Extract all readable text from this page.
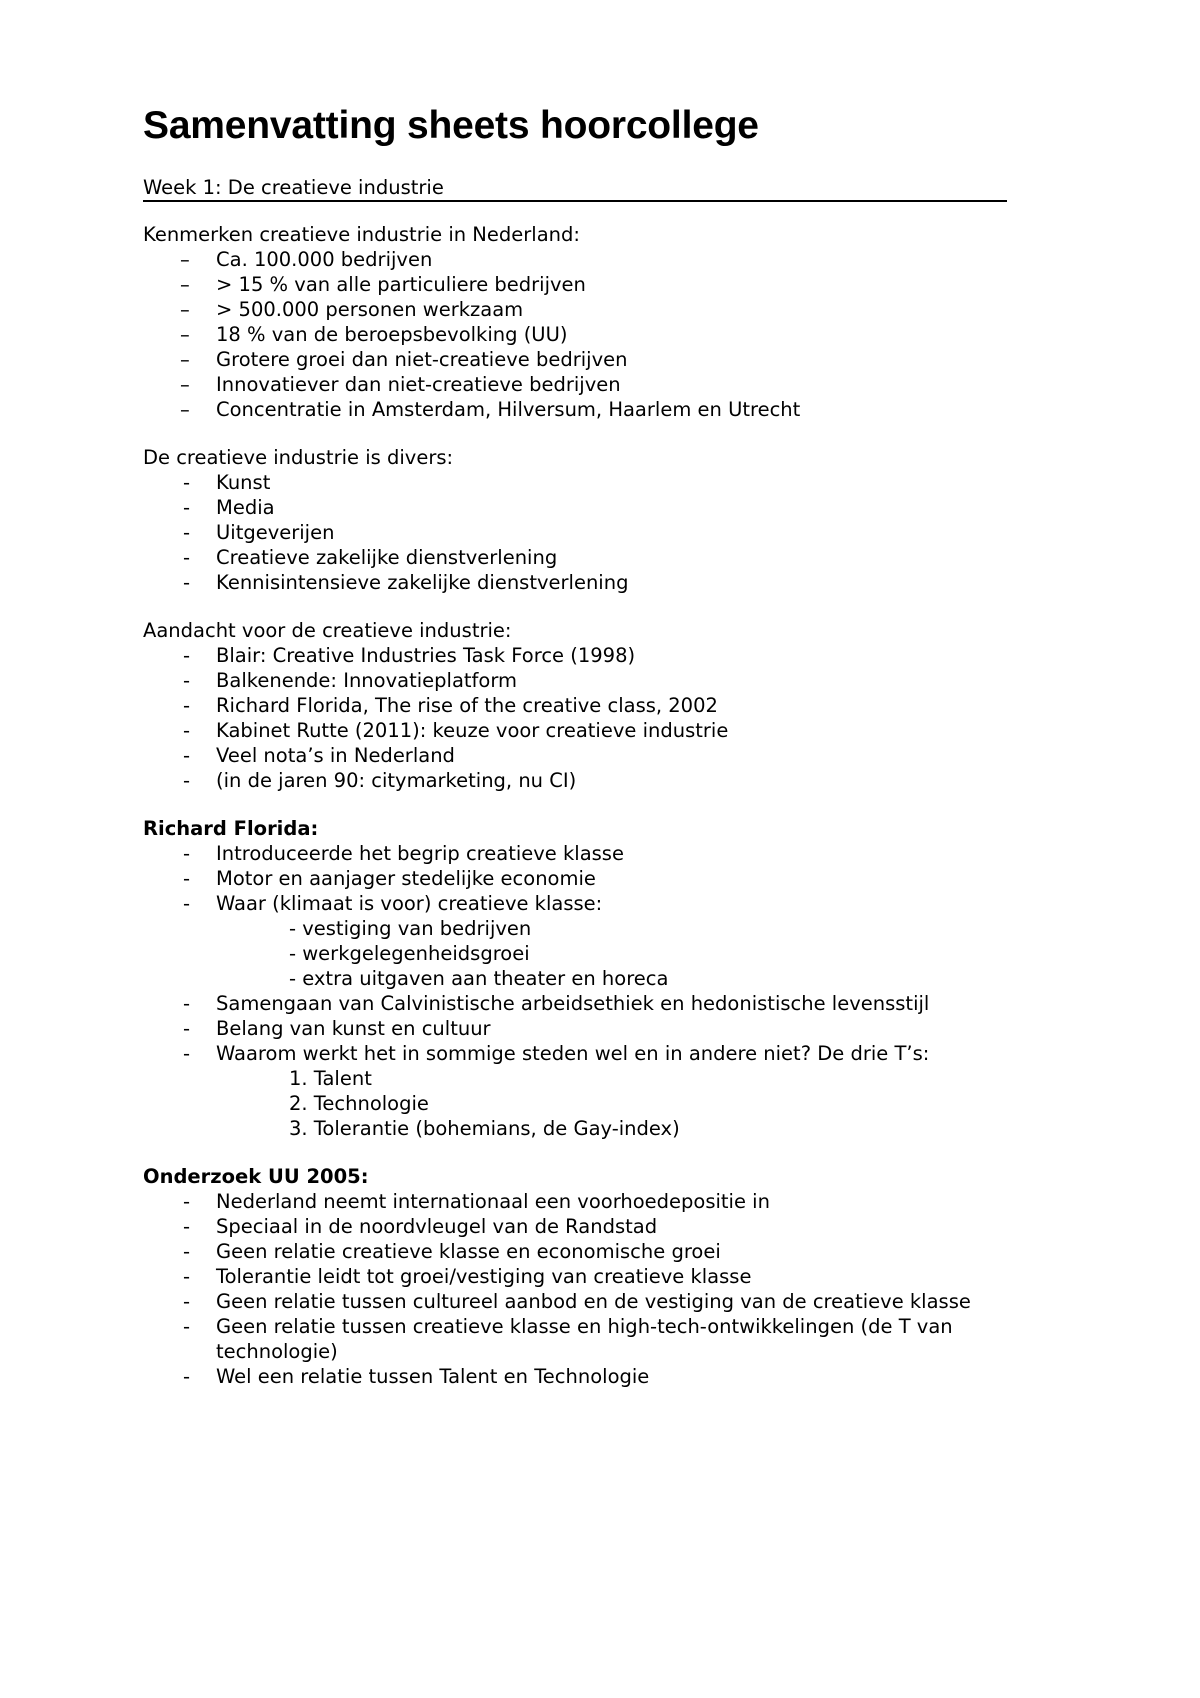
Samenvatting sheets hoorcollege
Week 1: De creatieve industrie
Kenmerken creatieve industrie in Nederland:
– Ca. 100.000 bedrijven
– > 15 % van alle particuliere bedrijven
– > 500.000 personen werkzaam
– 18 % van de beroepsbevolking (UU)
– Grotere groei dan niet-creatieve bedrijven
– Innovatiever dan niet-creatieve bedrijven
– Concentratie in Amsterdam, Hilversum, Haarlem en Utrecht
De creatieve industrie is divers:
- Kunst
- Media
- Uitgeverijen
- Creatieve zakelijke dienstverlening
- Kennisintensieve zakelijke dienstverlening
Aandacht voor de creatieve industrie:
- Blair: Creative Industries Task Force (1998)
- Balkenende: Innovatieplatform
- Richard Florida, The rise of the creative class, 2002
- Kabinet Rutte (2011): keuze voor creatieve industrie
- Veel nota’s in Nederland
- (in de jaren 90: citymarketing, nu CI)
Richard Florida:
- Introduceerde het begrip creatieve klasse
- Motor en aanjager stedelijke economie
- Waar (klimaat is voor) creatieve klasse:
- vestiging van bedrijven
- werkgelegenheidsgroei
- extra uitgaven aan theater en horeca
- Samengaan van Calvinistische arbeidsethiek en hedonistische levensstijl
- Belang van kunst en cultuur
- Waarom werkt het in sommige steden wel en in andere niet? De drie T’s:
1. Talent
2. Technologie
3. Tolerantie (bohemians, de Gay-index)
Onderzoek UU 2005:
- Nederland neemt internationaal een voorhoedepositie in
- Speciaal in de noordvleugel van de Randstad
- Geen relatie creatieve klasse en economische groei
- Tolerantie leidt tot groei/vestiging van creatieve klasse
- Geen relatie tussen cultureel aanbod en de vestiging van de creatieve klasse
- Geen relatie tussen creatieve klasse en high-tech-ontwikkelingen (de T van technologie)
- Wel een relatie tussen Talent en Technologie
